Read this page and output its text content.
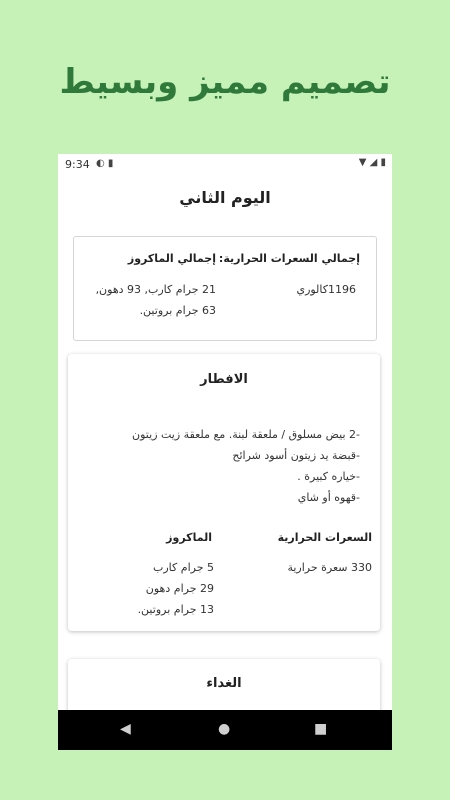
تصميم مميز وبسيط
9:34 ◐ ▮	▼ ◢ ▮
اليوم الثاني
إجمالي السعرات الحرارية:
1196كالوري
إجمالي الماكروز
21 جرام كارب, 93 دهون,
63 جرام بروتين.
الافطار
-2 بيض مسلوق / ملعقة لبنة. مع ملعقة زيت زيتون
-قبضة يد زيتون أسود شرائح
-خياره كبيرة .
-قهوه أو شاي
السعرات الحرارية
330 سعرة حرارية
الماكروز
5 جرام كارب
29 جرام دهون
13 جرام بروتين.
الغداء
◀	●	■
